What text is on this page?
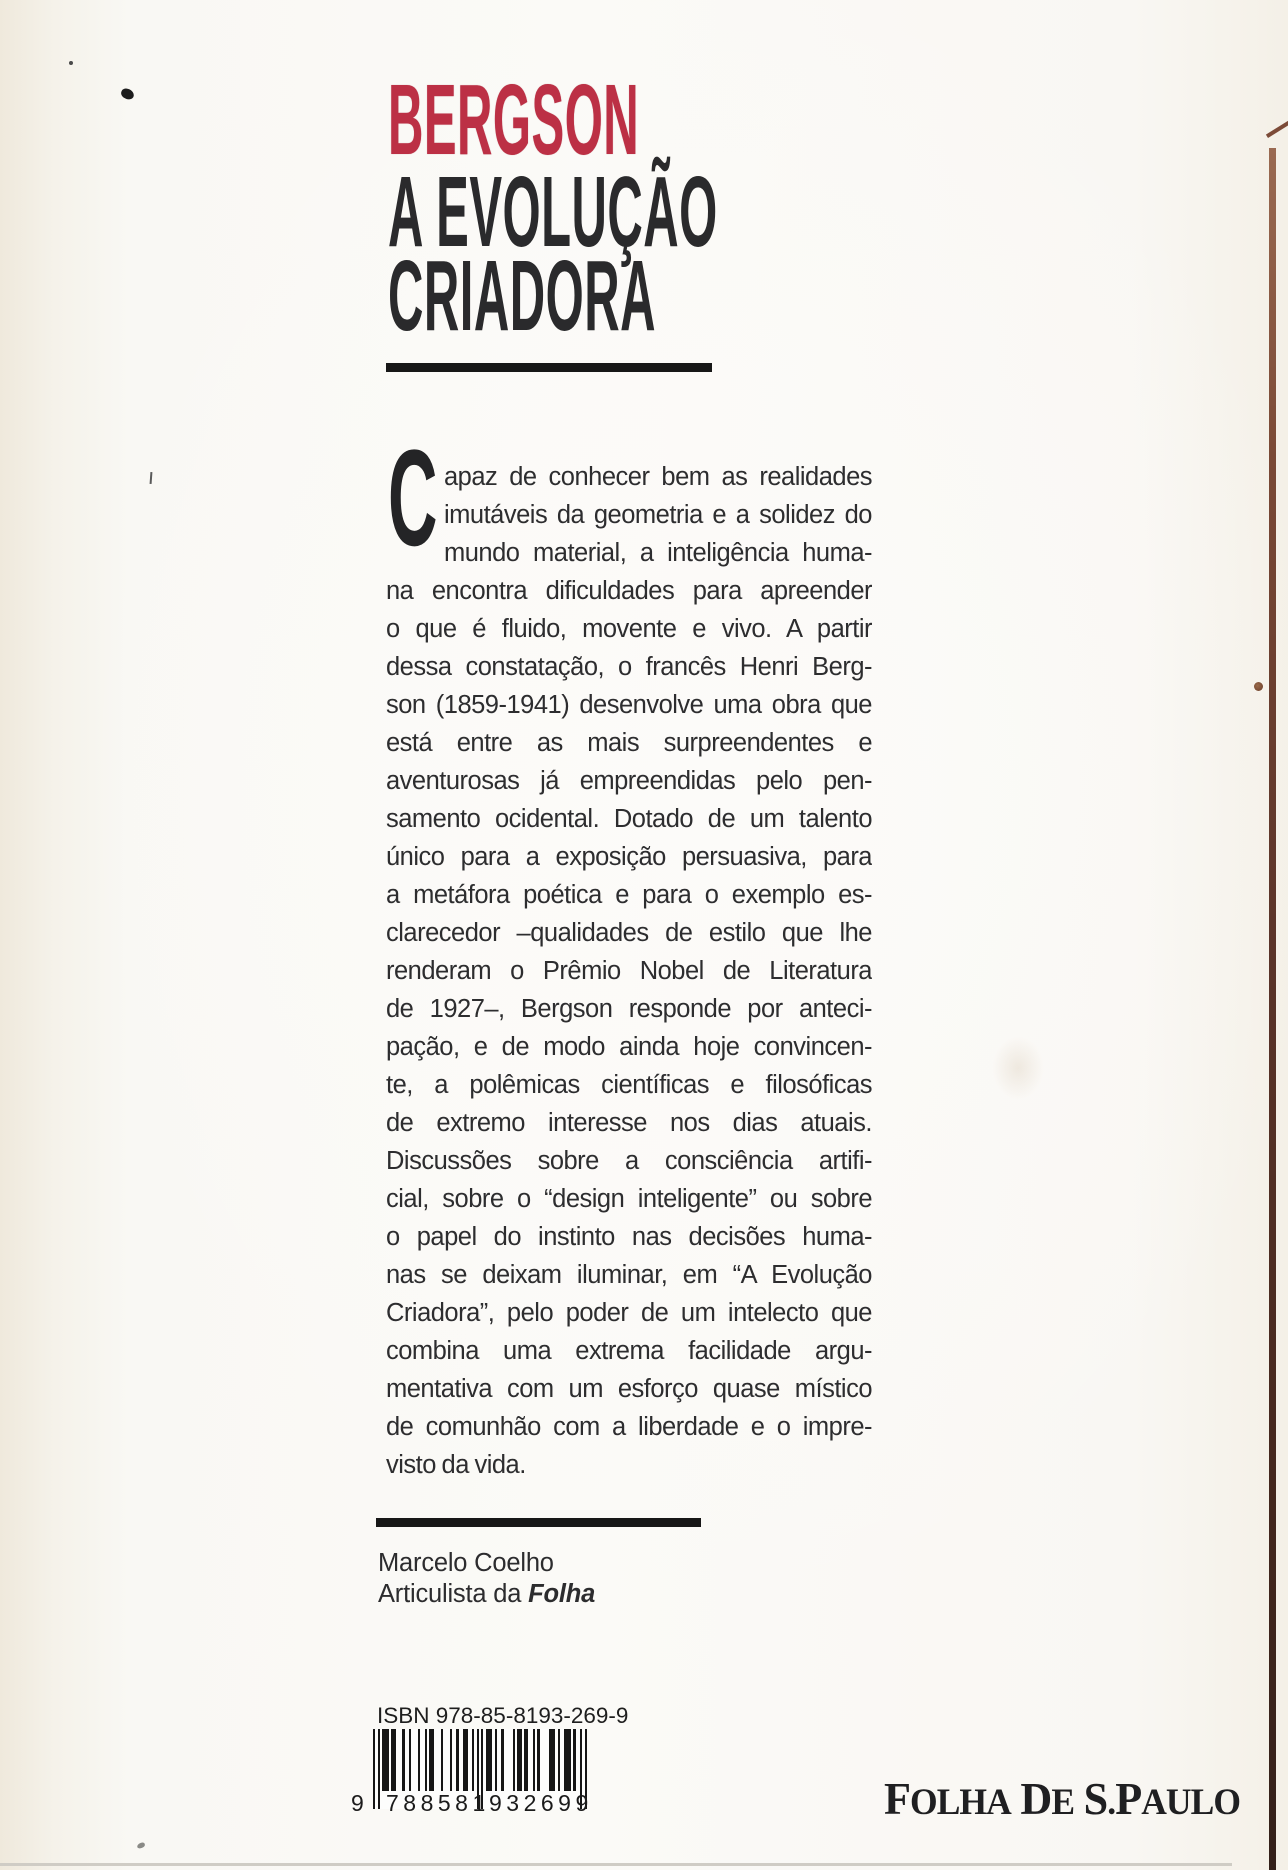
BERGSON
A EVOLUÇÃO
CRIADORA
C apaz de conhecer bem as realidades
imutáveis da geometria e a solidez do
mundo material, a inteligência huma-
na encontra dificuldades para apreender
o que é fluido, movente e vivo. A partir
dessa constatação, o francês Henri Berg-
son (1859-1941) desenvolve uma obra que
está entre as mais surpreendentes e
aventurosas já empreendidas pelo pen-
samento ocidental. Dotado de um talento
único para a exposição persuasiva, para
a metáfora poética e para o exemplo es-
clarecedor –qualidades de estilo que lhe
renderam o Prêmio Nobel de Literatura
de 1927–, Bergson responde por anteci-
pação, e de modo ainda hoje convincen-
te, a polêmicas científicas e filosóficas
de extremo interesse nos dias atuais.
Discussões sobre a consciência artifi-
cial, sobre o “design inteligente” ou sobre
o papel do instinto nas decisões huma-
nas se deixam iluminar, em “A Evolução
Criadora”, pelo poder de um intelecto que
combina uma extrema facilidade argu-
mentativa com um esforço quase místico
de comunhão com a liberdade e o impre-
visto da vida.
Marcelo Coelho
Articulista da Folha
ISBN 978-85-8193-269-9
9 788581 932699	FOLHA DE S.PAULO
